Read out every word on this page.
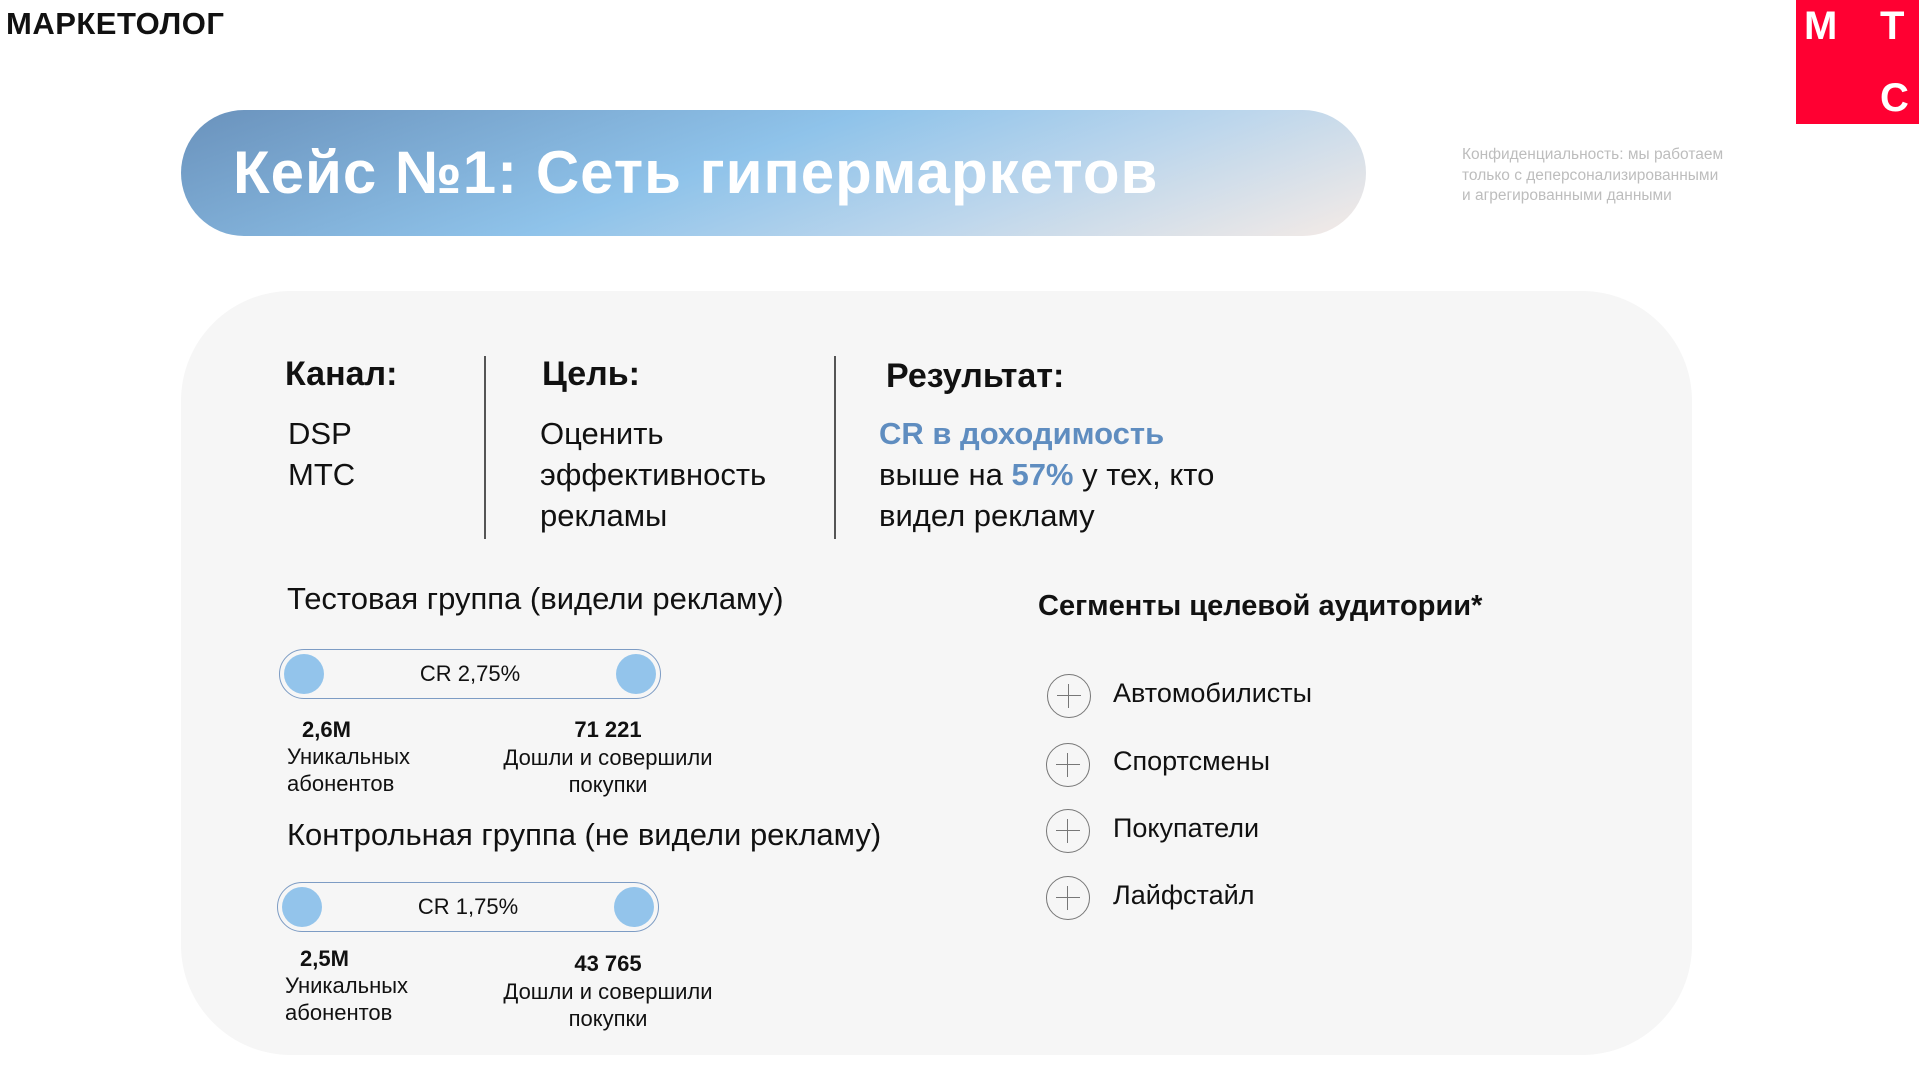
МАРКЕТОЛОГ	М Т
С
Конфиденциальность: мы работаем
только с деперсонализированными
и агрегированными данными
Кейс №1: Сеть гипермаркетов
Канал:
DSP
МТС
Цель:
Оценить
эффективность
рекламы
Результат:
CR в доходимость
выше на 57% у тех, кто
видел рекламу
Тестовая группа (видели рекламу)
CR 2,75%
2,6M
Уникальных
абонентов
71 221
Дошли и совершили
покупки
Контрольная группа (не видели рекламу)
CR 1,75%
2,5M
Уникальных
абонентов
43 765
Дошли и совершили
покупки
Сегменты целевой аудитории*
Автомобилисты
Спортсмены
Покупатели
Лайфстайл
